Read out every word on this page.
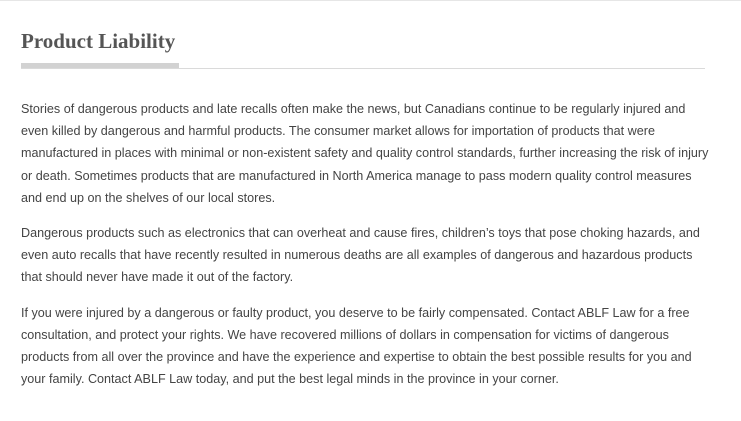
Product Liability

Stories of dangerous products and late recalls often make the news, but Canadians continue to be regularly injured and even killed by dangerous and harmful products. The consumer market allows for importation of products that were manufactured in places with minimal or non-existent safety and quality control standards, further increasing the risk of injury or death. Sometimes products that are manufactured in North America manage to pass modern quality control measures and end up on the shelves of our local stores.

Dangerous products such as electronics that can overheat and cause fires, children’s toys that pose choking hazards, and even auto recalls that have recently resulted in numerous deaths are all examples of dangerous and hazardous products that should never have made it out of the factory.

If you were injured by a dangerous or faulty product, you deserve to be fairly compensated. Contact ABLF Law for a free consultation, and protect your rights. We have recovered millions of dollars in compensation for victims of dangerous products from all over the province and have the experience and expertise to obtain the best possible results for you and your family. Contact ABLF Law today, and put the best legal minds in the province in your corner.
